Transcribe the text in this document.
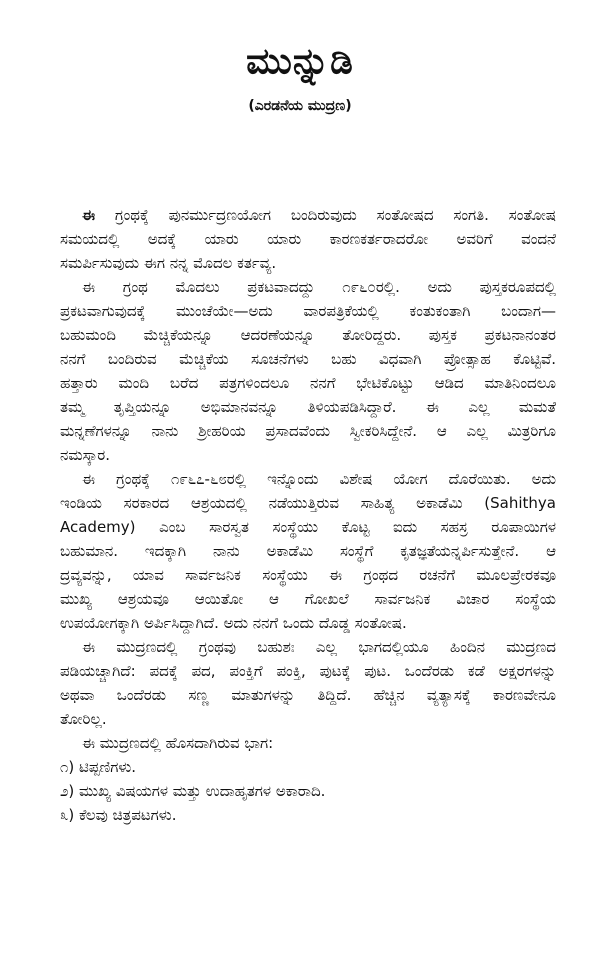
ಮುನ್ನುಡಿ
(ಎರಡನೆಯ ಮುದ್ರಣ)
ಈ ಗ್ರಂಥಕ್ಕೆ ಪುನರ್ಮುದ್ರಣಯೋಗ ಬಂದಿರುವುದು ಸಂತೋಷದ ಸಂಗತಿ. ಸಂತೋಷ
ಸಮಯದಲ್ಲಿ ಅದಕ್ಕೆ ಯಾರು ಯಾರು ಕಾರಣಕರ್ತರಾದರೋ ಅವರಿಗೆ ವಂದನೆ
ಸಮರ್ಪಿಸುವುದು ಈಗ ನನ್ನ ಮೊದಲ ಕರ್ತವ್ಯ.
ಈ ಗ್ರಂಥ ಮೊದಲು ಪ್ರಕಟವಾದದ್ದು ೧೯೬೦ರಲ್ಲಿ. ಅದು ಪುಸ್ತಕರೂಪದಲ್ಲಿ
ಪ್ರಕಟವಾಗುವುದಕ್ಕೆ ಮುಂಚೆಯೇ—ಅದು ವಾರಪತ್ರಿಕೆಯಲ್ಲಿ ಕಂತುಕಂತಾಗಿ ಬಂದಾಗ—
ಬಹುಮಂದಿ ಮೆಚ್ಚಿಕೆಯನ್ನೂ ಆದರಣೆಯನ್ನೂ ತೋರಿದ್ದರು. ಪುಸ್ತಕ ಪ್ರಕಟನಾನಂತರ
ನನಗೆ ಬಂದಿರುವ ಮೆಚ್ಚಿಕೆಯ ಸೂಚನೆಗಳು ಬಹು ವಿಧವಾಗಿ ಪ್ರೋತ್ಸಾಹ ಕೊಟ್ಟಿವೆ.
ಹತ್ತಾರು ಮಂದಿ ಬರೆದ ಪತ್ರಗಳಿಂದಲೂ ನನಗೆ ಭೇಟಿಕೊಟ್ಟು ಆಡಿದ ಮಾತಿನಿಂದಲೂ
ತಮ್ಮ ತೃಪ್ತಿಯನ್ನೂ ಅಭಿಮಾನವನ್ನೂ ತಿಳಿಯಪಡಿಸಿದ್ದಾರೆ. ಈ ಎಲ್ಲ ಮಮತೆ
ಮನ್ನಣೆಗಳನ್ನೂ ನಾನು ಶ್ರೀಹರಿಯ ಪ್ರಸಾದವೆಂದು ಸ್ವೀಕರಿಸಿದ್ದೇನೆ. ಆ ಎಲ್ಲ ಮಿತ್ರರಿಗೂ
ನಮಸ್ಕಾರ.
ಈ ಗ್ರಂಥಕ್ಕೆ ೧೯೬೭-೬೮ರಲ್ಲಿ ಇನ್ನೊಂದು ವಿಶೇಷ ಯೋಗ ದೊರೆಯಿತು. ಅದು
ಇಂಡಿಯ ಸರಕಾರದ ಆಶ್ರಯದಲ್ಲಿ ನಡೆಯುತ್ತಿರುವ ಸಾಹಿತ್ಯ ಅಕಾಡೆಮಿ (Sahithya
Academy) ಎಂಬ ಸಾರಸ್ವತ ಸಂಸ್ಥೆಯು ಕೊಟ್ಟ ಐದು ಸಹಸ್ರ ರೂಪಾಯಿಗಳ
ಬಹುಮಾನ. ಇದಕ್ಕಾಗಿ ನಾನು ಅಕಾಡೆಮಿ ಸಂಸ್ಥೆಗೆ ಕೃತಜ್ಞತೆಯನ್ನರ್ಪಿಸುತ್ತೇನೆ. ಆ
ದ್ರವ್ಯವನ್ನು, ಯಾವ ಸಾರ್ವಜನಿಕ ಸಂಸ್ಥೆಯು ಈ ಗ್ರಂಥದ ರಚನೆಗೆ ಮೂಲಪ್ರೇರಕವೂ
ಮುಖ್ಯ ಆಶ್ರಯವೂ ಆಯಿತೋ ಆ ಗೋಖಲೆ ಸಾರ್ವಜನಿಕ ವಿಚಾರ ಸಂಸ್ಥೆಯ
ಉಪಯೋಗಕ್ಕಾಗಿ ಅರ್ಪಿಸಿದ್ದಾಗಿದೆ. ಅದು ನನಗೆ ಒಂದು ದೊಡ್ಡ ಸಂತೋಷ.
ಈ ಮುದ್ರಣದಲ್ಲಿ ಗ್ರಂಥವು ಬಹುಶಃ ಎಲ್ಲ ಭಾಗದಲ್ಲಿಯೂ ಹಿಂದಿನ ಮುದ್ರಣದ
ಪಡಿಯಚ್ಚಾಗಿದೆ: ಪದಕ್ಕೆ ಪದ, ಪಂಕ್ತಿಗೆ ಪಂಕ್ತಿ, ಪುಟಕ್ಕೆ ಪುಟ. ಒಂದೆರಡು ಕಡೆ ಅಕ್ಷರಗಳನ್ನು
ಅಥವಾ ಒಂದೆರಡು ಸಣ್ಣ ಮಾತುಗಳನ್ನು ತಿದ್ದಿದೆ. ಹೆಚ್ಚಿನ ವ್ಯತ್ಯಾಸಕ್ಕೆ ಕಾರಣವೇನೂ
ತೋರಿಲ್ಲ.
ಈ ಮುದ್ರಣದಲ್ಲಿ ಹೊಸದಾಗಿರುವ ಭಾಗ:
೧) ಟಿಪ್ಪಣಿಗಳು.
೨) ಮುಖ್ಯ ವಿಷಯಗಳ ಮತ್ತು ಉದಾಹೃತಗಳ ಅಕಾರಾದಿ.
೩) ಕೆಲವು ಚಿತ್ರಪಟಗಳು.
